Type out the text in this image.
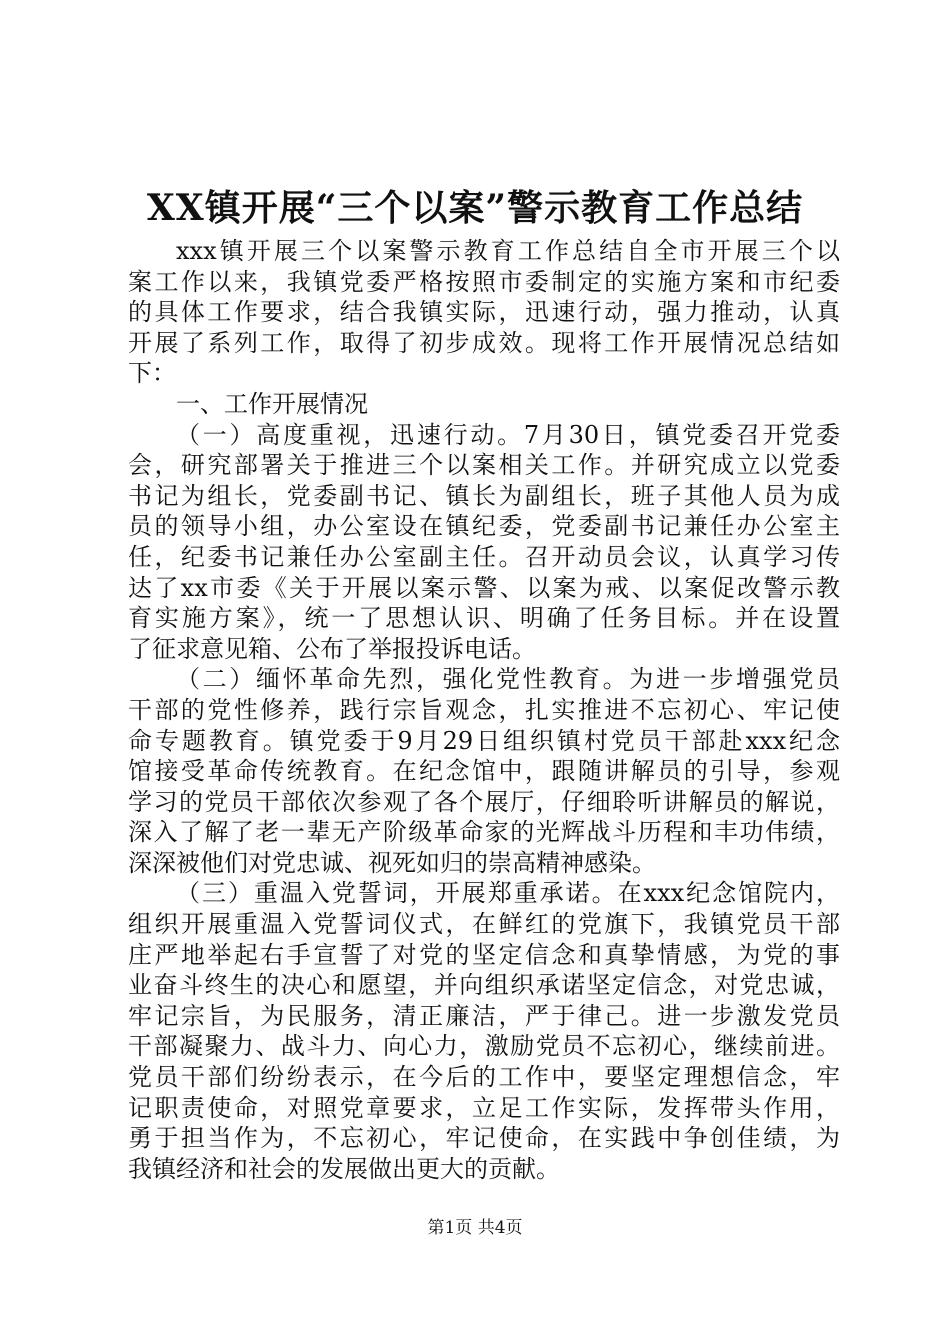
XX镇开展“三个以案”警示教育工作总结
xxx镇开展三个以案警示教育工作总结自全市开展三个以
案工作以来，我镇党委严格按照市委制定的实施方案和市纪委
的具体工作要求，结合我镇实际，迅速行动，强力推动，认真
开展了系列工作，取得了初步成效。现将工作开展情况总结如
下：
一、工作开展情况
（一）高度重视，迅速行动。7月30日，镇党委召开党委
会，研究部署关于推进三个以案相关工作。并研究成立以党委
书记为组长，党委副书记、镇长为副组长，班子其他人员为成
员的领导小组，办公室设在镇纪委，党委副书记兼任办公室主
任，纪委书记兼任办公室副主任。召开动员会议，认真学习传
达了xx市委《关于开展以案示警、以案为戒、以案促改警示教
育实施方案》，统一了思想认识、明确了任务目标。并在设置
了征求意见箱、公布了举报投诉电话。
（二）缅怀革命先烈，强化党性教育。为进一步增强党员
干部的党性修养，践行宗旨观念，扎实推进不忘初心、牢记使
命专题教育。镇党委于9月29日组织镇村党员干部赴xxx纪念
馆接受革命传统教育。在纪念馆中，跟随讲解员的引导，参观
学习的党员干部依次参观了各个展厅，仔细聆听讲解员的解说，
深入了解了老一辈无产阶级革命家的光辉战斗历程和丰功伟绩，
深深被他们对党忠诚、视死如归的崇高精神感染。
（三）重温入党誓词，开展郑重承诺。在xxx纪念馆院内，
组织开展重温入党誓词仪式，在鲜红的党旗下，我镇党员干部
庄严地举起右手宣誓了对党的坚定信念和真挚情感，为党的事
业奋斗终生的决心和愿望，并向组织承诺坚定信念，对党忠诚，
牢记宗旨，为民服务，清正廉洁，严于律己。进一步激发党员
干部凝聚力、战斗力、向心力，激励党员不忘初心，继续前进。
党员干部们纷纷表示，在今后的工作中，要坚定理想信念，牢
记职责使命，对照党章要求，立足工作实际，发挥带头作用，
勇于担当作为，不忘初心，牢记使命，在实践中争创佳绩，为
我镇经济和社会的发展做出更大的贡献。
第1页 共4页
